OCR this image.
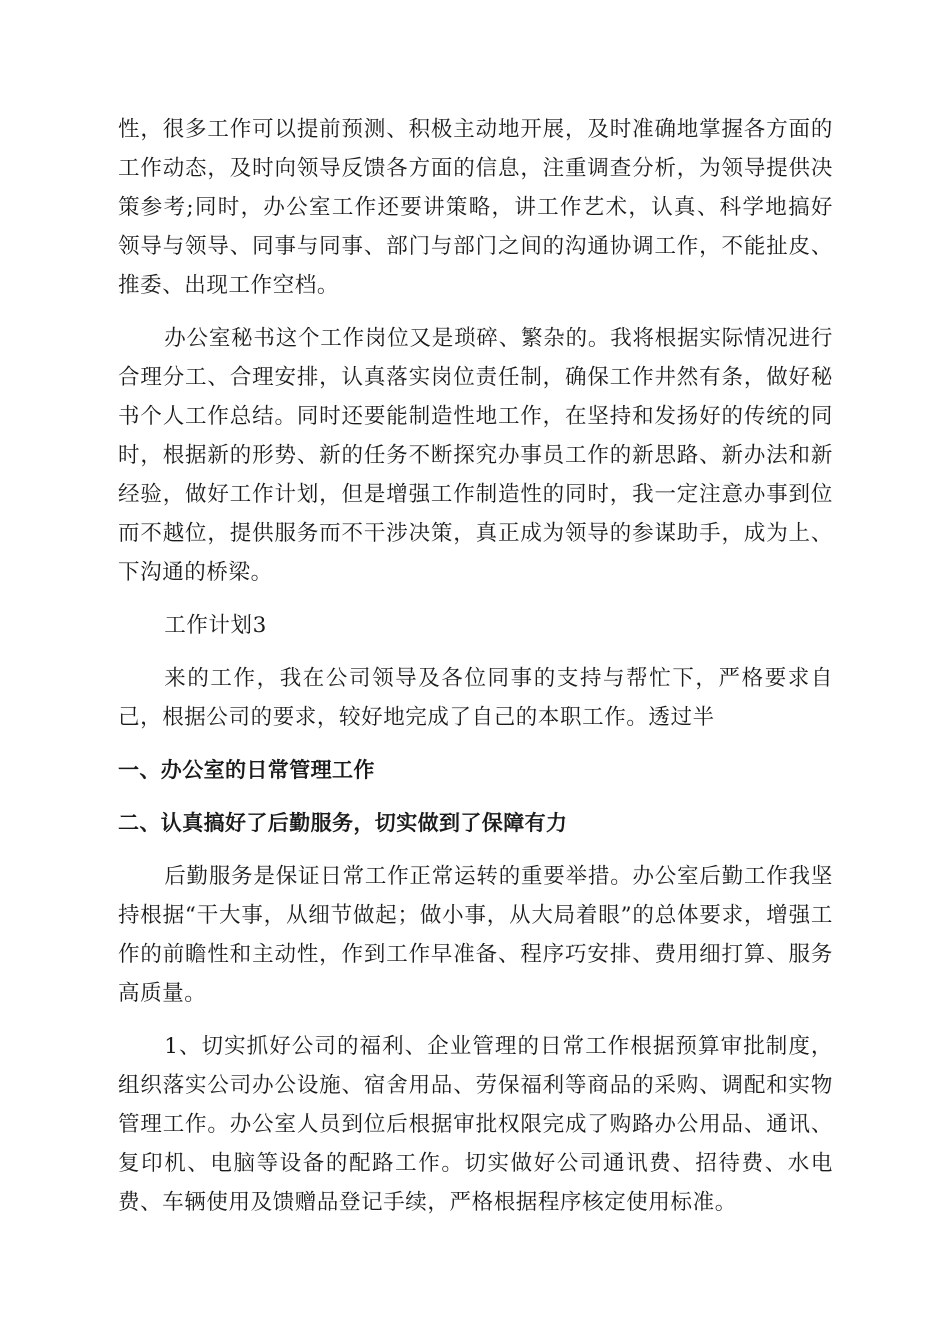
性，很多工作可以提前预测、积极主动地开展，及时准确地掌握各方面的工作动态，及时向领导反馈各方面的信息，注重调查分析，为领导提供决策参考;同时，办公室工作还要讲策略，讲工作艺术，认真、科学地搞好领导与领导、同事与同事、部门与部门之间的沟通协调工作，不能扯皮、推委、出现工作空档。

办公室秘书这个工作岗位又是琐碎、繁杂的。我将根据实际情况进行合理分工、合理安排，认真落实岗位责任制，确保工作井然有条，做好秘书个人工作总结。同时还要能制造性地工作，在坚持和发扬好的传统的同时，根据新的形势、新的任务不断探究办事员工作的新思路、新办法和新经验，做好工作计划，但是增强工作制造性的同时，我一定注意办事到位而不越位，提供服务而不干涉决策，真正成为领导的参谋助手，成为上、下沟通的桥梁。

工作计划3

来的工作，我在公司领导及各位同事的支持与帮忙下，严格要求自己，根据公司的要求，较好地完成了自己的本职工作。透过半

一、办公室的日常管理工作

二、认真搞好了后勤服务，切实做到了保障有力

后勤服务是保证日常工作正常运转的重要举措。办公室后勤工作我坚持根据“干大事，从细节做起；做小事，从大局着眼”的总体要求，增强工作的前瞻性和主动性，作到工作早准备、程序巧安排、费用细打算、服务高质量。

1、切实抓好公司的福利、企业管理的日常工作根据预算审批制度，组织落实公司办公设施、宿舍用品、劳保福利等商品的采购、调配和实物管理工作。办公室人员到位后根据审批权限完成了购路办公用品、通讯、复印机、电脑等设备的配路工作。切实做好公司通讯费、招待费、水电费、车辆使用及馈赠品登记手续，严格根据程序核定使用标准。
